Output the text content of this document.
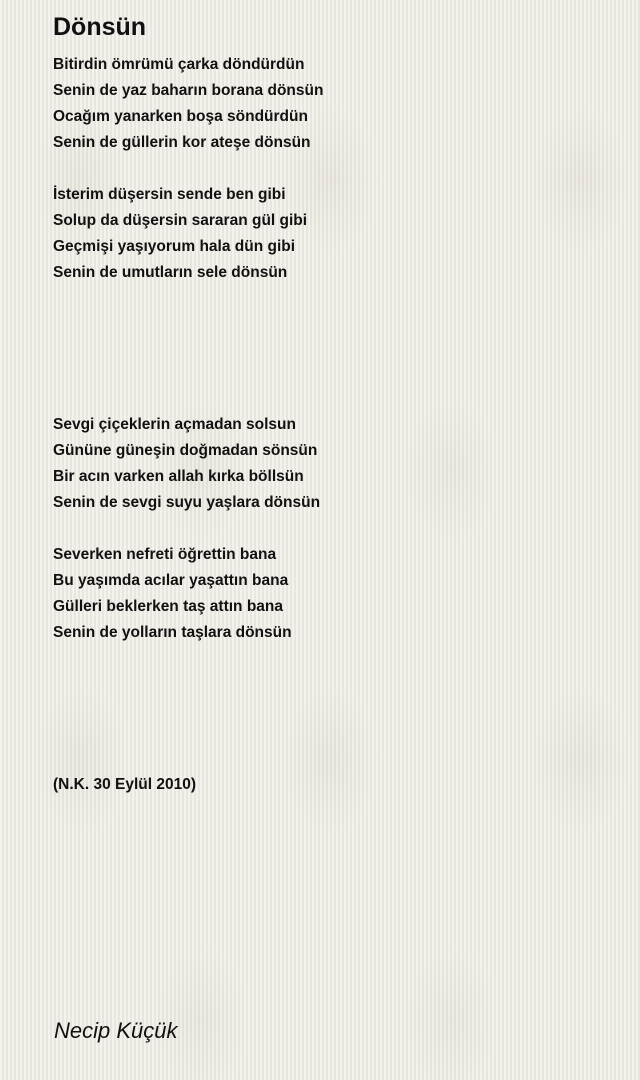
Dönsün
Bitirdin ömrümü çarka döndürdün
Senin de yaz baharın borana dönsün
Ocağım yanarken boşa söndürdün
Senin de güllerin kor ateşe dönsün
İsterim düşersin sende ben gibi
Solup da düşersin sararan gül gibi
Geçmişi yaşıyorum hala dün gibi
Senin de umutların sele dönsün
Sevgi çiçeklerin açmadan solsun
Gününe güneşin doğmadan sönsün
Bir acın varken allah kırka böllsün
Senin de sevgi suyu yaşlara dönsün
Severken nefreti öğrettin bana
Bu yaşımda acılar yaşattın bana
Gülleri beklerken taş attın bana
Senin de yolların taşlara dönsün
(N.K. 30 Eylül 2010)
Necip Küçük
